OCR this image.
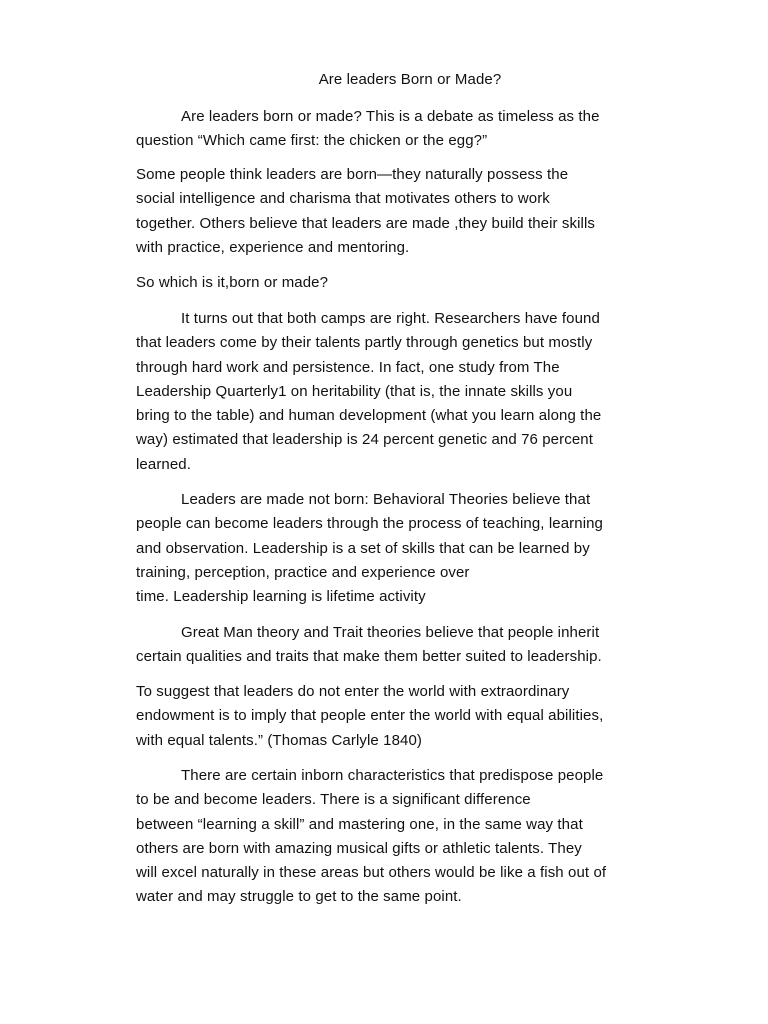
Are leaders Born or Made?
Are leaders born or made? This is a debate as timeless as the
question “Which came first: the chicken or the egg?”
Some people think leaders are born—they naturally possess the
social intelligence and charisma that motivates others to work
together. Others believe that leaders are made ,they build their skills
with practice, experience and mentoring.
So which is it,born or made?
It turns out that both camps are right. Researchers have found
that leaders come by their talents partly through genetics but mostly
through hard work and persistence. In fact, one study from The
Leadership Quarterly1 on heritability (that is, the innate skills you
bring to the table) and human development (what you learn along the
way) estimated that leadership is 24 percent genetic and 76 percent
learned.
Leaders are made not born: Behavioral Theories believe that
people can become leaders through the process of teaching, learning
and observation. Leadership is a set of skills that can be learned by
training, perception, practice and experience over
time. Leadership learning is lifetime activity
Great Man theory and Trait theories believe that people inherit
certain qualities and traits that make them better suited to leadership.
To suggest that leaders do not enter the world with extraordinary
endowment is to imply that people enter the world with equal abilities,
with equal talents.” (Thomas Carlyle 1840)
There are certain inborn characteristics that predispose people
to be and become leaders. There is a significant difference
between “learning a skill” and mastering one, in the same way that
others are born with amazing musical gifts or athletic talents. They
will excel naturally in these areas but others would be like a fish out of
water and may struggle to get to the same point.
